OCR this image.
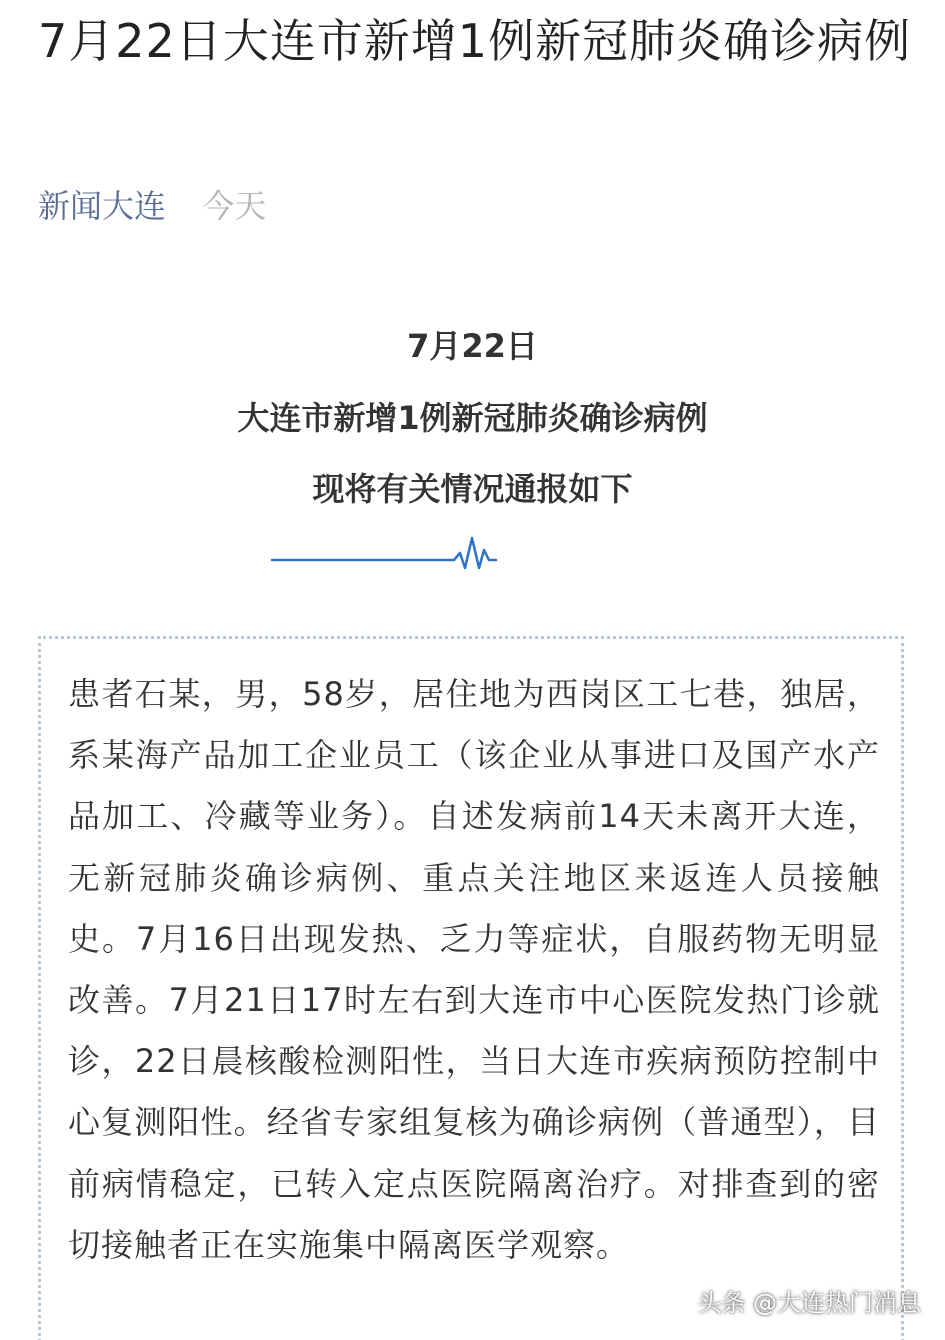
7月22日大连市新增1例新冠肺炎确诊病例
新闻大连 今天
7月22日
大连市新增1例新冠肺炎确诊病例
现将有关情况通报如下

患者石某，男，58岁，居住地为西岗区工七巷，独居，系某海产品加工企业员工（该企业从事进口及国产水产品加工、冷藏等业务）。自述发病前14天未离开大连，无新冠肺炎确诊病例、重点关注地区来返连人员接触史。7月16日出现发热、乏力等症状，自服药物无明显改善。7月21日17时左右到大连市中心医院发热门诊就诊，22日晨核酸检测阳性，当日大连市疾病预防控制中心复测阳性。经省专家组复核为确诊病例（普通型），目前病情稳定，已转入定点医院隔离治疗。对排查到的密切接触者正在实施集中隔离医学观察。

头条 @大连热门消息
